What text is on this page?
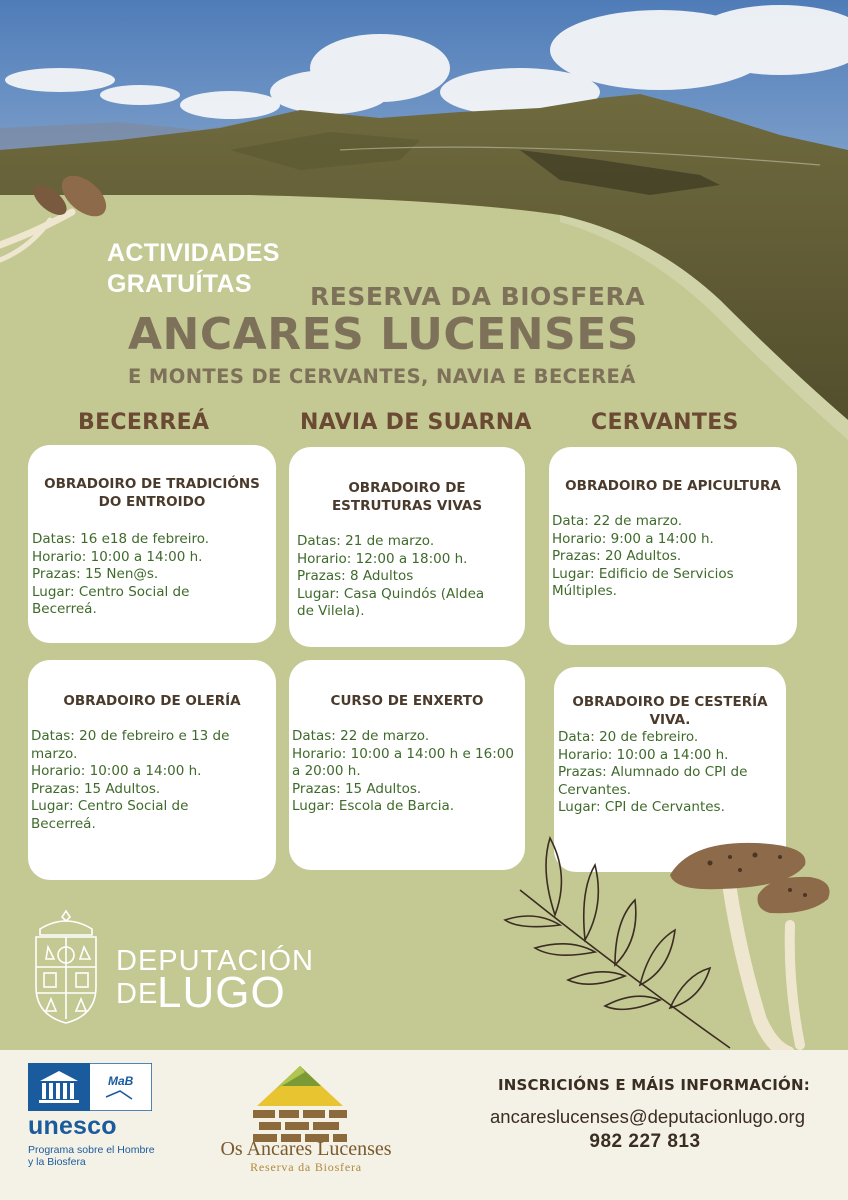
ACTIVIDADES
GRATUÍTAS	RESERVA DA BIOSFERA
ANCARES LUCENSES
E MONTES DE CERVANTES, NAVIA E BECEREÁ
BECERREÁ	NAVIA DE SUARNA	CERVANTES
OBRADOIRO DE TRADICIÓNS
DO ENTROIDO

Datas: 16 e18 de febreiro.

Horario: 10:00 a 14:00 h.

Prazas: 15 Nen@s.

Lugar: Centro Social de

Becerreá.

OBRADOIRO DE
ESTRUTURAS VIVAS

Datas: 21 de marzo.

Horario: 12:00 a 18:00 h.

Prazas: 8 Adultos

Lugar: Casa Quindós (Aldea

de Vilela).

OBRADOIRO DE APICULTURA

Data: 22 de marzo.

Horario: 9:00 a 14:00 h.

Prazas: 20 Adultos.

Lugar: Edificio de Servicios

Múltiples.

OBRADOIRO DE OLERÍA

Datas: 20 de febreiro e 13 de

marzo.

Horario: 10:00 a 14:00 h.

Prazas: 15 Adultos.

Lugar: Centro Social de

Becerreá.

CURSO DE ENXERTO

Datas: 22 de marzo.

Horario: 10:00 a 14:00 h e 16:00

a 20:00 h.

Prazas: 15 Adultos.

Lugar: Escola de Barcia.

OBRADOIRO DE CESTERÍA
VIVA.

Data: 20 de febreiro.

Horario: 10:00 a 14:00 h.

Prazas: Alumnado do CPI de

Cervantes.

Lugar: CPI de Cervantes.

DEPUTACIÓN
DE
LUGO
MaB
unesco
Programa sobre el Hombre
y la Biosfera
Os Ancares Lucenses
Reserva da Biosfera
INSCRICIÓNS E MÁIS INFORMACIÓN:
ancareslucenses@deputacionlugo.org
982 227 813
